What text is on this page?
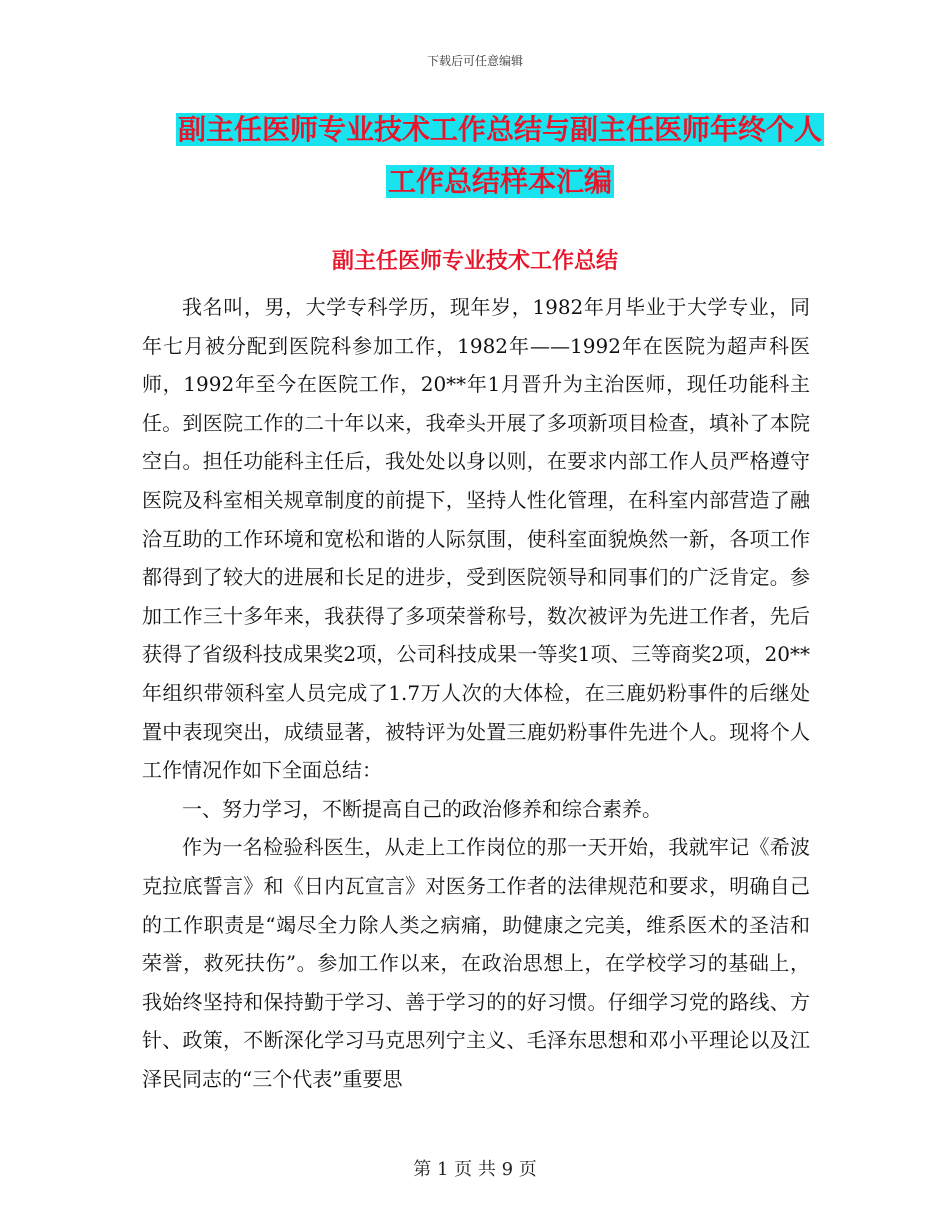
下载后可任意编辑
副主任医师专业技术工作总结与副主任医师年终个人
工作总结样本汇编
副主任医师专业技术工作总结

我名叫，男，大学专科学历，现年岁，1982年月毕业于大学专业，同年七月被分配到医院科参加工作，1982年——1992年在医院为超声科医师，1992年至今在医院工作，20**年1月晋升为主治医师，现任功能科主任。到医院工作的二十年以来，我牵头开展了多项新项目检查，填补了本院空白。担任功能科主任后，我处处以身以则，在要求内部工作人员严格遵守医院及科室相关规章制度的前提下，坚持人性化管理，在科室内部营造了融洽互助的工作环境和宽松和谐的人际氛围，使科室面貌焕然一新，各项工作都得到了较大的进展和长足的进步，受到医院领导和同事们的广泛肯定。参加工作三十多年来，我获得了多项荣誉称号，数次被评为先进工作者，先后获得了省级科技成果奖2项，公司科技成果一等奖1项、三等商奖2项，20**年组织带领科室人员完成了1.7万人次的大体检，在三鹿奶粉事件的后继处置中表现突出，成绩显著，被特评为处置三鹿奶粉事件先进个人。现将个人工作情况作如下全面总结：

一、努力学习，不断提高自己的政治修养和综合素养。

作为一名检验科医生，从走上工作岗位的那一天开始，我就牢记《希波克拉底誓言》和《日内瓦宣言》对医务工作者的法律规范和要求，明确自己的工作职责是“竭尽全力除人类之病痛，助健康之完美，维系医术的圣洁和荣誉，救死扶伤”。参加工作以来，在政治思想上，在学校学习的基础上，我始终坚持和保持勤于学习、善于学习的的好习惯。仔细学习党的路线、方针、政策，不断深化学习马克思列宁主义、毛泽东思想和邓小平理论以及江泽民同志的“三个代表”重要思

第 1 页 共 9 页
